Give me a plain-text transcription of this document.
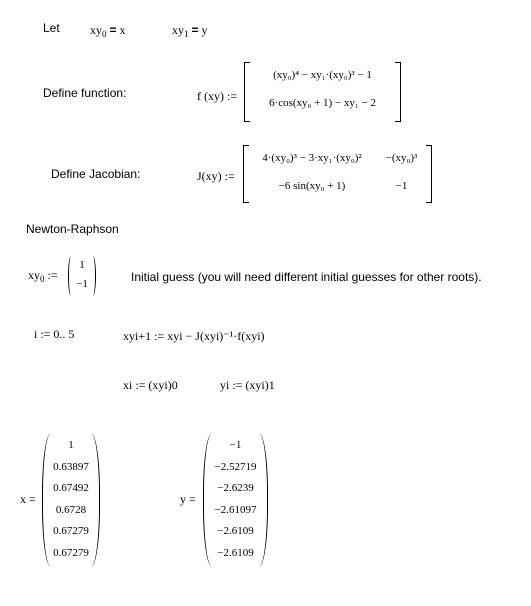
Let	$xy_0 = x$	$xy_1 = y$
Define function:	f (xy) :=
(xy₀)⁴ − xy₁·(xy₀)³ − 1
6·cos(xy₀ + 1) − xy₁ − 2
Define Jacobian:	J(xy) :=
4·(xy₀)³ − 3·xy₁·(xy₀)²	−(xy₀)³
−6 sin(xy₀ + 1)	−1
Newton-Raphson
$xy_0$ :=
1
−1	Initial guess (you will need different initial guesses for other roots).
i := 0.. 5	xyi+1 := xyi − J(xyi)⁻¹·f(xyi)
xi := (xyi)0	yi := (xyi)1
x =
1
0.63897
0.67492
0.6728
0.67279
0.67279
y =
−1
−2.52719
−2.6239
−2.61097
−2.6109
−2.6109
